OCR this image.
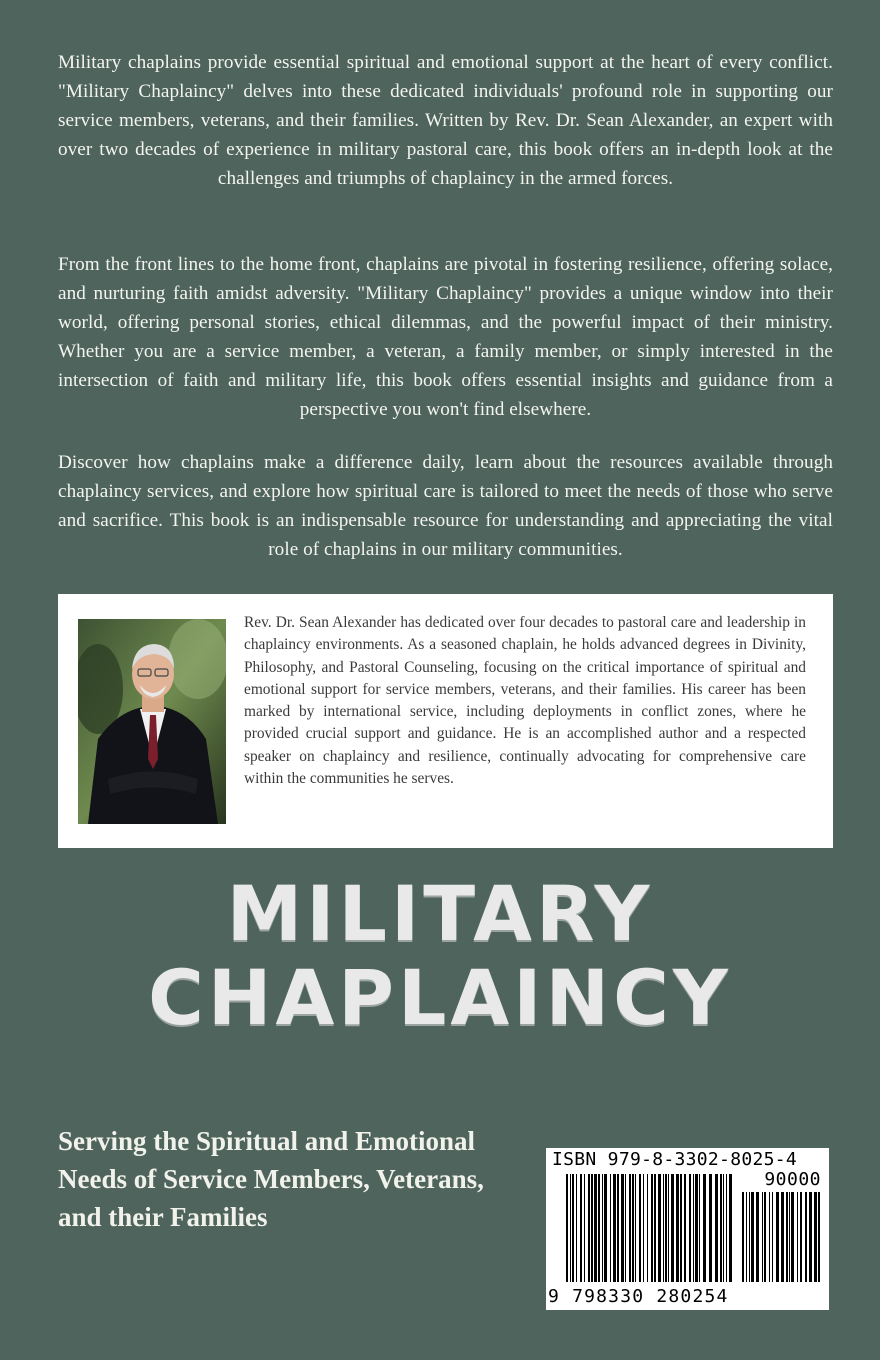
Military chaplains provide essential spiritual and emotional support at the heart of every conflict. "Military Chaplaincy" delves into these dedicated individuals' profound role in supporting our service members, veterans, and their families. Written by Rev. Dr. Sean Alexander, an expert with over two decades of experience in military pastoral care, this book offers an in-depth look at the challenges and triumphs of chaplaincy in the armed forces.

From the front lines to the home front, chaplains are pivotal in fostering resilience, offering solace, and nurturing faith amidst adversity. "Military Chaplaincy" provides a unique window into their world, offering personal stories, ethical dilemmas, and the powerful impact of their ministry. Whether you are a service member, a veteran, a family member, or simply interested in the intersection of faith and military life, this book offers essential insights and guidance from a perspective you won't find elsewhere.

Discover how chaplains make a difference daily, learn about the resources available through chaplaincy services, and explore how spiritual care is tailored to meet the needs of those who serve and sacrifice. This book is an indispensable resource for understanding and appreciating the vital role of chaplains in our military communities.

Rev. Dr. Sean Alexander has dedicated over four decades to pastoral care and leadership in chaplaincy environments. As a seasoned chaplain, he holds advanced degrees in Divinity, Philosophy, and Pastoral Counseling, focusing on the critical importance of spiritual and emotional support for service members, veterans, and their families. His career has been marked by international service, including deployments in conflict zones, where he provided crucial support and guidance. He is an accomplished author and a respected speaker on chaplaincy and resilience, continually advocating for comprehensive care within the communities he serves.

MILITARY
CHAPLAINCY

Serving the Spiritual and Emotional Needs of Service Members, Veterans, and their Families

ISBN 979-8-3302-8025-4
90000
9 798330 280254
